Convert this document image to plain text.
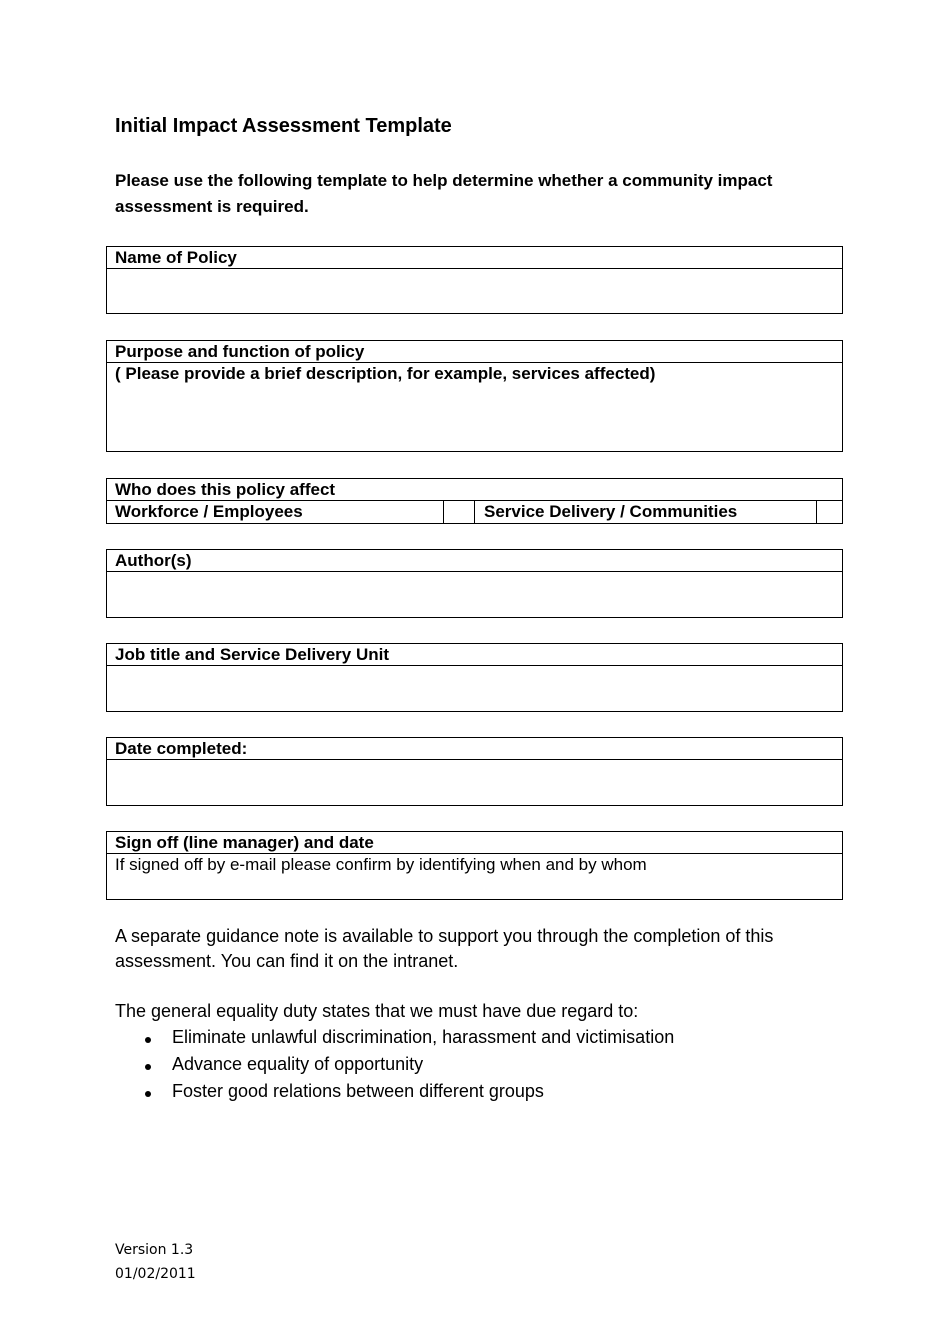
Initial Impact Assessment Template

Please use the following template to help determine whether a community impact assessment is required.

Name of Policy
Purpose and function of policy
( Please provide a brief description, for example, services affected)
Who does this policy affect
Workforce / Employees	Service Delivery / Communities
Author(s)
Job title and Service Delivery Unit
Date completed:
Sign off (line manager) and date
If signed off by e-mail please confirm by identifying when and by whom

A separate guidance note is available to support you through the completion of this assessment. You can find it on the intranet.

The general equality duty states that we must have due regard to:

Eliminate unlawful discrimination, harassment and victimisation
Advance equality of opportunity
Foster good relations between different groups
Version 1.3
01/02/2011
